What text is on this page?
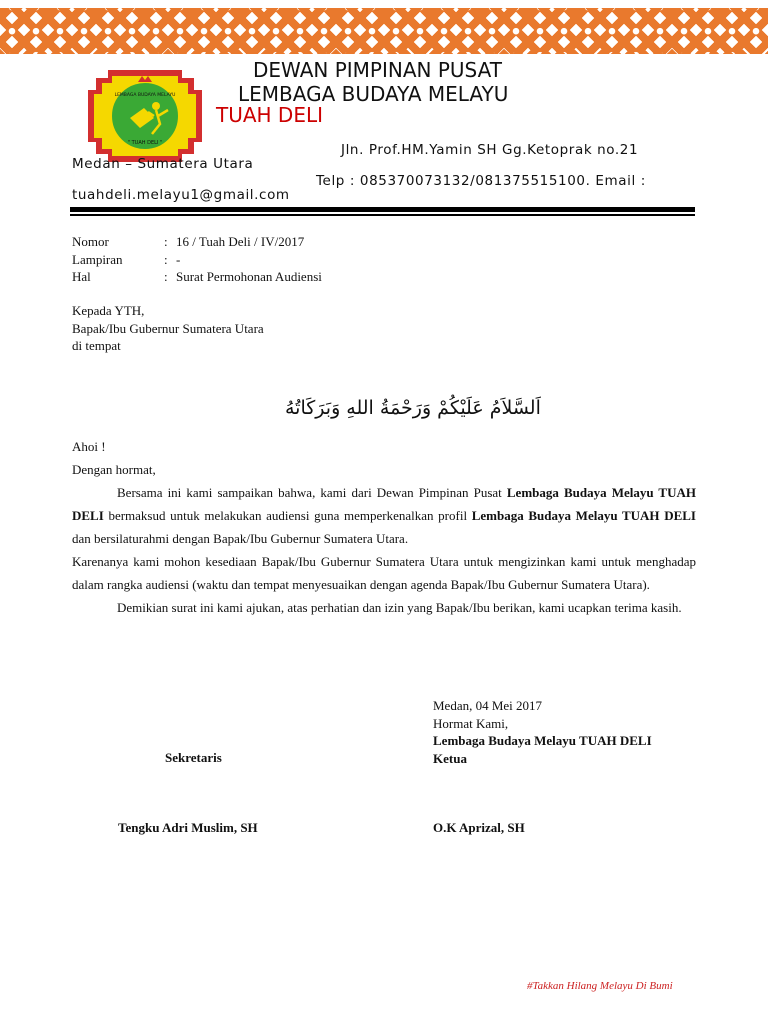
LEMBAGA BUDAYA MELAYU
" TUAH DELI "
DEWAN PIMPINAN PUSAT
LEMBAGA BUDAYA MELAYU
TUAH DELI
Jln. Prof.HM.Yamin SH Gg.Ketoprak no.21
Medan – Sumatera Utara
Telp : 085370073132/081375515100. Email :
tuahdeli.melayu1@gmail.com
Nomor	: 16 / Tuah Deli / IV/2017
Lampiran	: -
Hal	: Surat Permohonan Audiensi
Kepada YTH,
Bapak/Ibu Gubernur Sumatera Utara
di tempat
اَلسَّلاَمُ عَلَيْكُمْ وَرَحْمَةُ اللهِ وَبَرَكَاتُهُ

Ahoi !

Dengan hormat,

Bersama ini kami sampaikan bahwa, kami dari Dewan Pimpinan Pusat Lembaga Budaya Melayu TUAH DELI bermaksud untuk melakukan audiensi guna memperkenalkan profil Lembaga Budaya Melayu TUAH DELI dan bersilaturahmi dengan Bapak/Ibu Gubernur Sumatera Utara.

Karenanya kami mohon kesediaan Bapak/Ibu Gubernur Sumatera Utara untuk mengizinkan kami untuk menghadap dalam rangka audiensi (waktu dan tempat menyesuaikan dengan agenda Bapak/Ibu Gubernur Sumatera Utara).

Demikian surat ini kami ajukan, atas perhatian dan izin yang Bapak/Ibu berikan, kami ucapkan terima kasih.

Medan, 04 Mei 2017
Hormat Kami,
Lembaga Budaya Melayu TUAH DELI
Ketua
Sekretaris
Tengku Adri Muslim, SH	O.K Aprizal, SH
#Takkan Hilang Melayu Di Bumi
